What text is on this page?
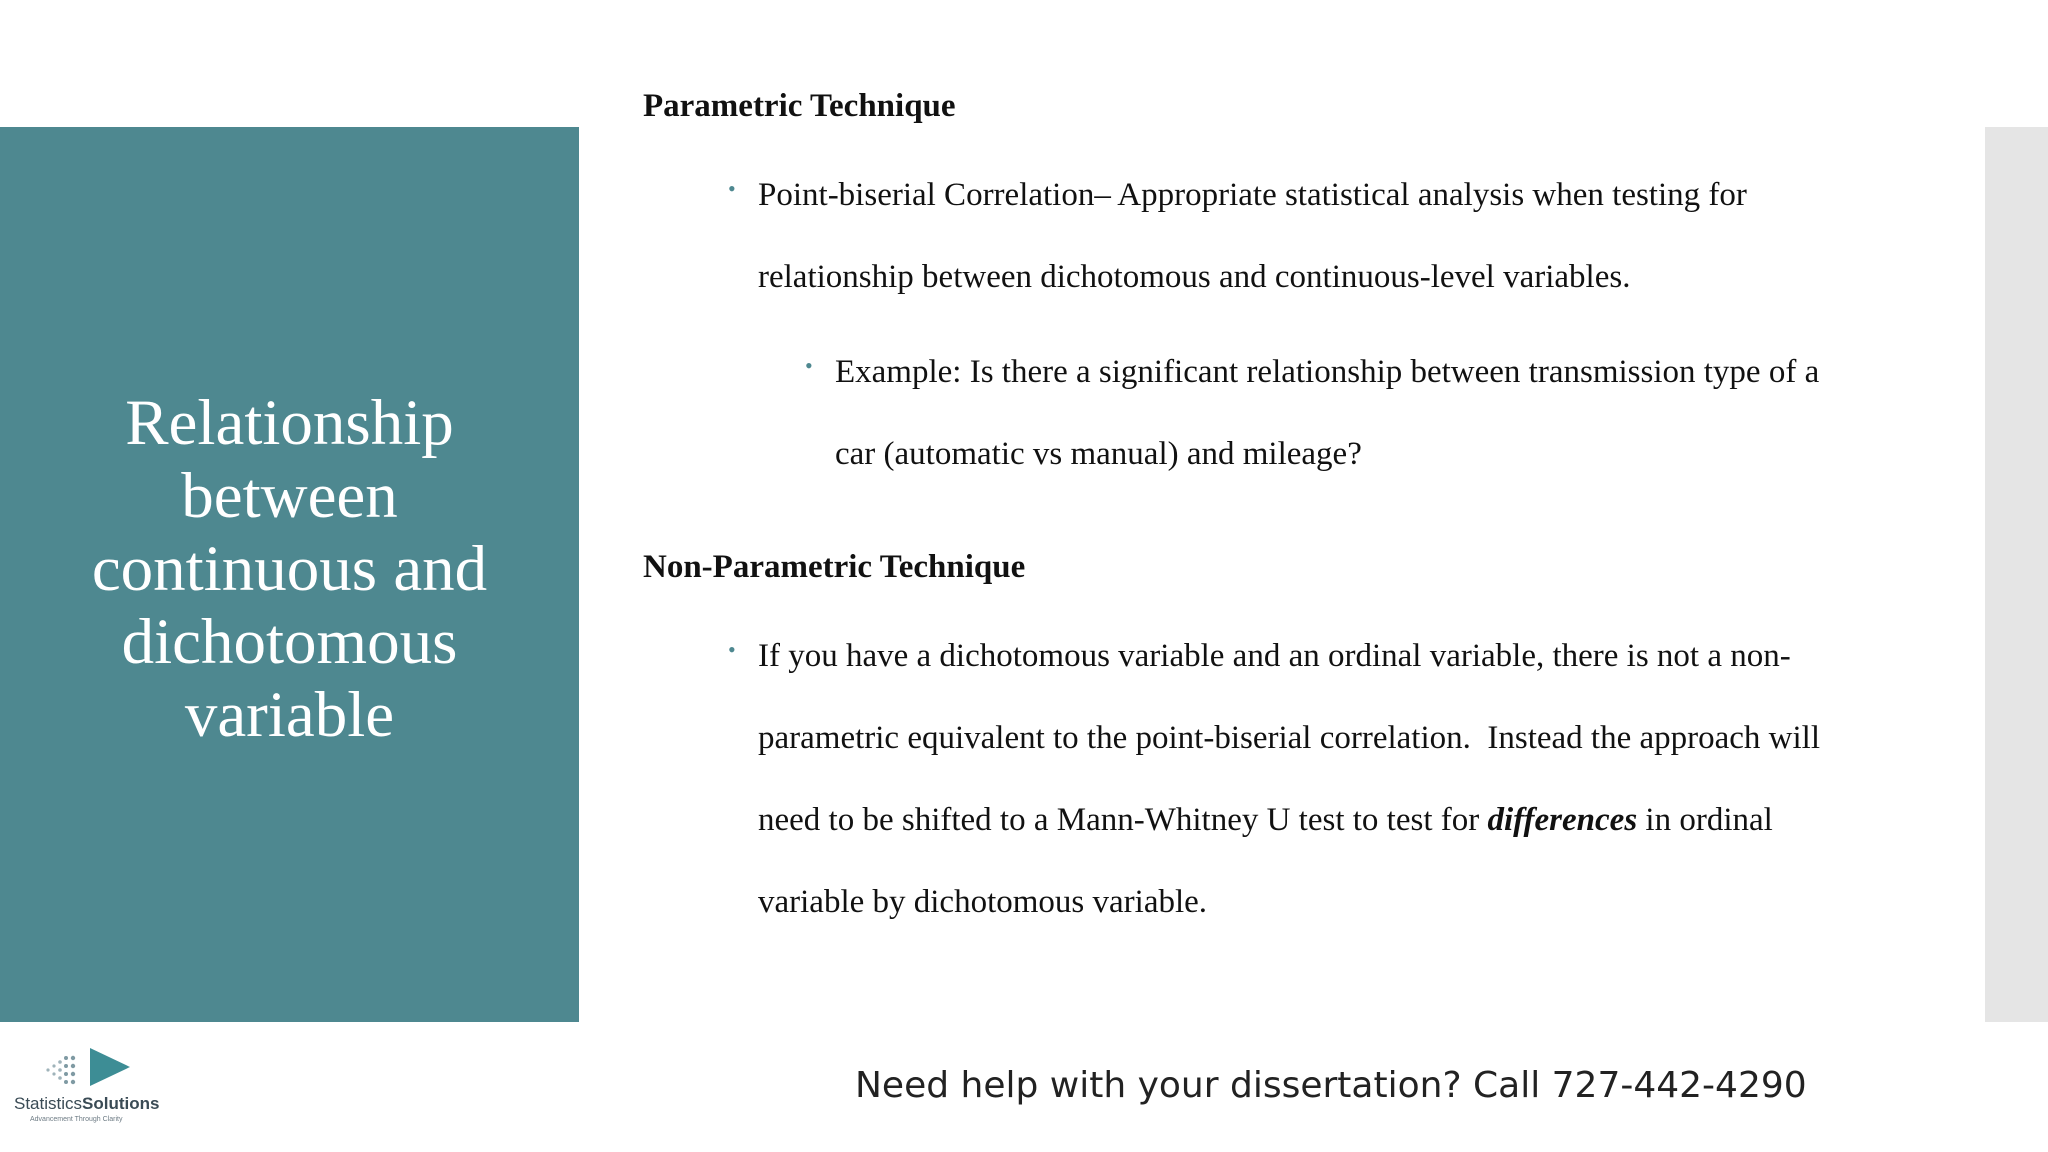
Relationship
between
continuous and
dichotomous
variable
Parametric Technique
• Point-biserial Correlation– Appropriate statistical analysis when testing for
relationship between dichotomous and continuous-level variables.
• Example: Is there a significant relationship between transmission type of a
car (automatic vs manual) and mileage?
Non-Parametric Technique
• If you have a dichotomous variable and an ordinal variable, there is not a non-
parametric equivalent to the point-biserial correlation.  Instead the approach will
need to be shifted to a Mann-Whitney U test to test for differences in ordinal
variable by dichotomous variable.
Need help with your dissertation? Call 727-442-4290
StatisticsSolutions
Advancement Through Clarity
